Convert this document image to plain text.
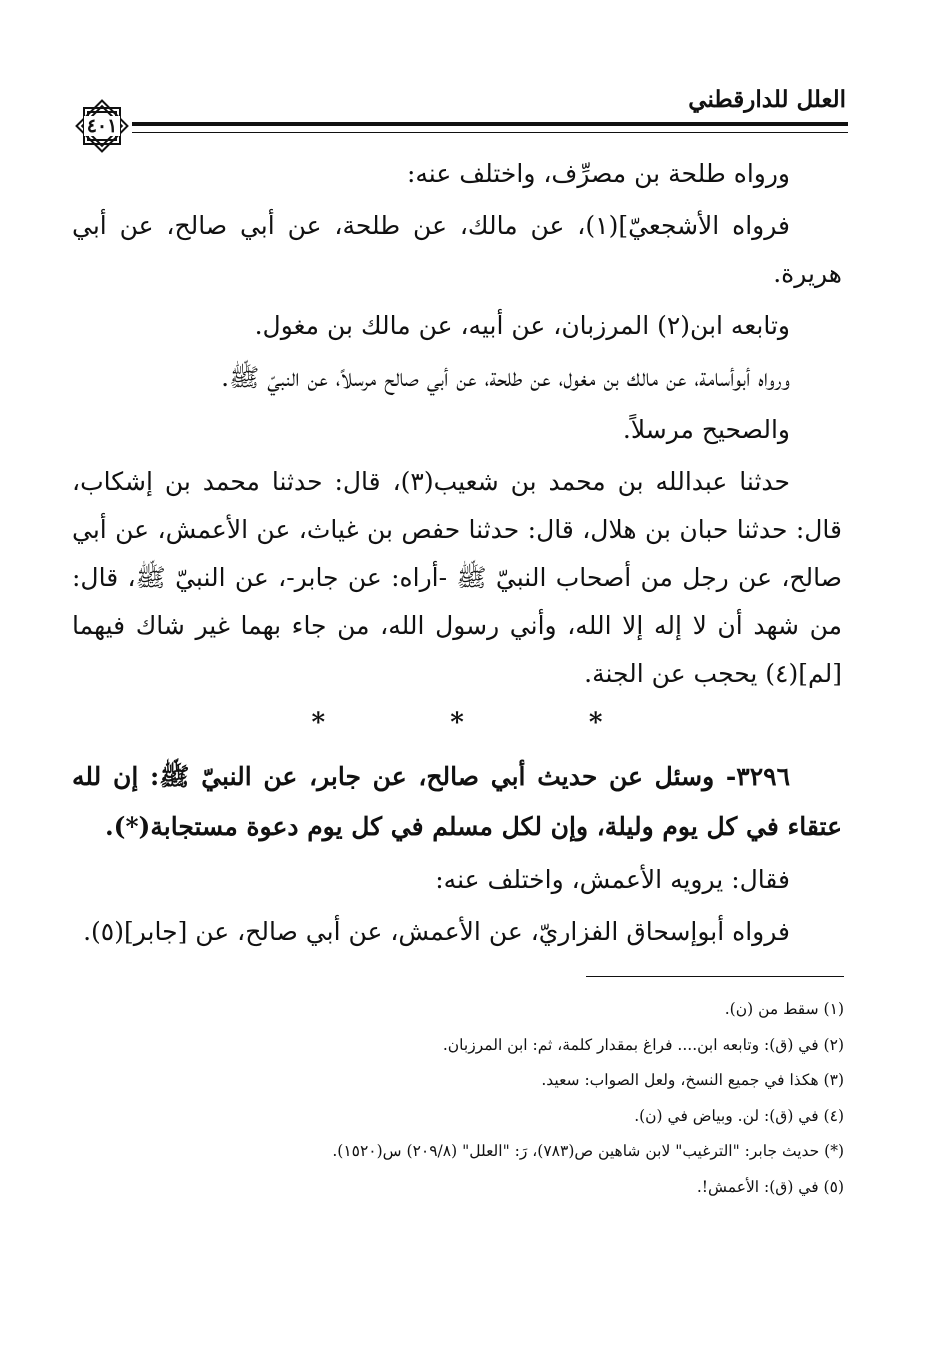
العلل للدارقطني
٤٠١

ورواه طلحة بن مصرِّف، واختلف عنه:

فرواه الأشجعيّ](١)، عن مالك، عن طلحة، عن أبي صالح، عن أبي هريرة.

وتابعه ابن(٢) المرزبان، عن أبيه، عن مالك بن مغول.

ورواه أبوأسامة، عن مالك بن مغول، عن طلحة، عن أبي صالح مرسلاً، عن النبيّ ﷺ.

والصحيح مرسلاً.

حدثنا عبدالله بن محمد بن شعيب(٣)، قال: حدثنا محمد بن إشكاب، قال: حدثنا حبان بن هلال، قال: حدثنا حفص بن غياث، عن الأعمش، عن أبي صالح، عن رجل من أصحاب النبيّ ﷺ -أراه: عن جابر-، عن النبيّ ﷺ، قال: من شهد أن لا إله إلا الله، وأني رسول الله، من جاء بهما غير شاك فيهما [لم](٤) يحجب عن الجنة.

* * *

٣٢٩٦- وسئل عن حديث أبي صالح، عن جابر، عن النبيّ ﷺ: إن لله عتقاء في كل يوم وليلة، وإن لكل مسلم في كل يوم دعوة مستجابة(*).

فقال: يرويه الأعمش، واختلف عنه:

فرواه أبوإسحاق الفزاريّ، عن الأعمش، عن أبي صالح، عن [جابر](٥).

(١) سقط من (ن).
(٢) في (ق): وتابعه ابن.... فراغ بمقدار كلمة، ثم: ابن المرزبان.
(٣) هكذا في جميع النسخ، ولعل الصواب: سعيد.
(٤) في (ق): لن. وبياض في (ن).
(*) حديث جابر: "الترغيب" لابن شاهين ص(٧٨٣)، رَ: "العلل" (٢٠٩/٨) س(١٥٢٠).
(٥) في (ق): الأعمش!.
